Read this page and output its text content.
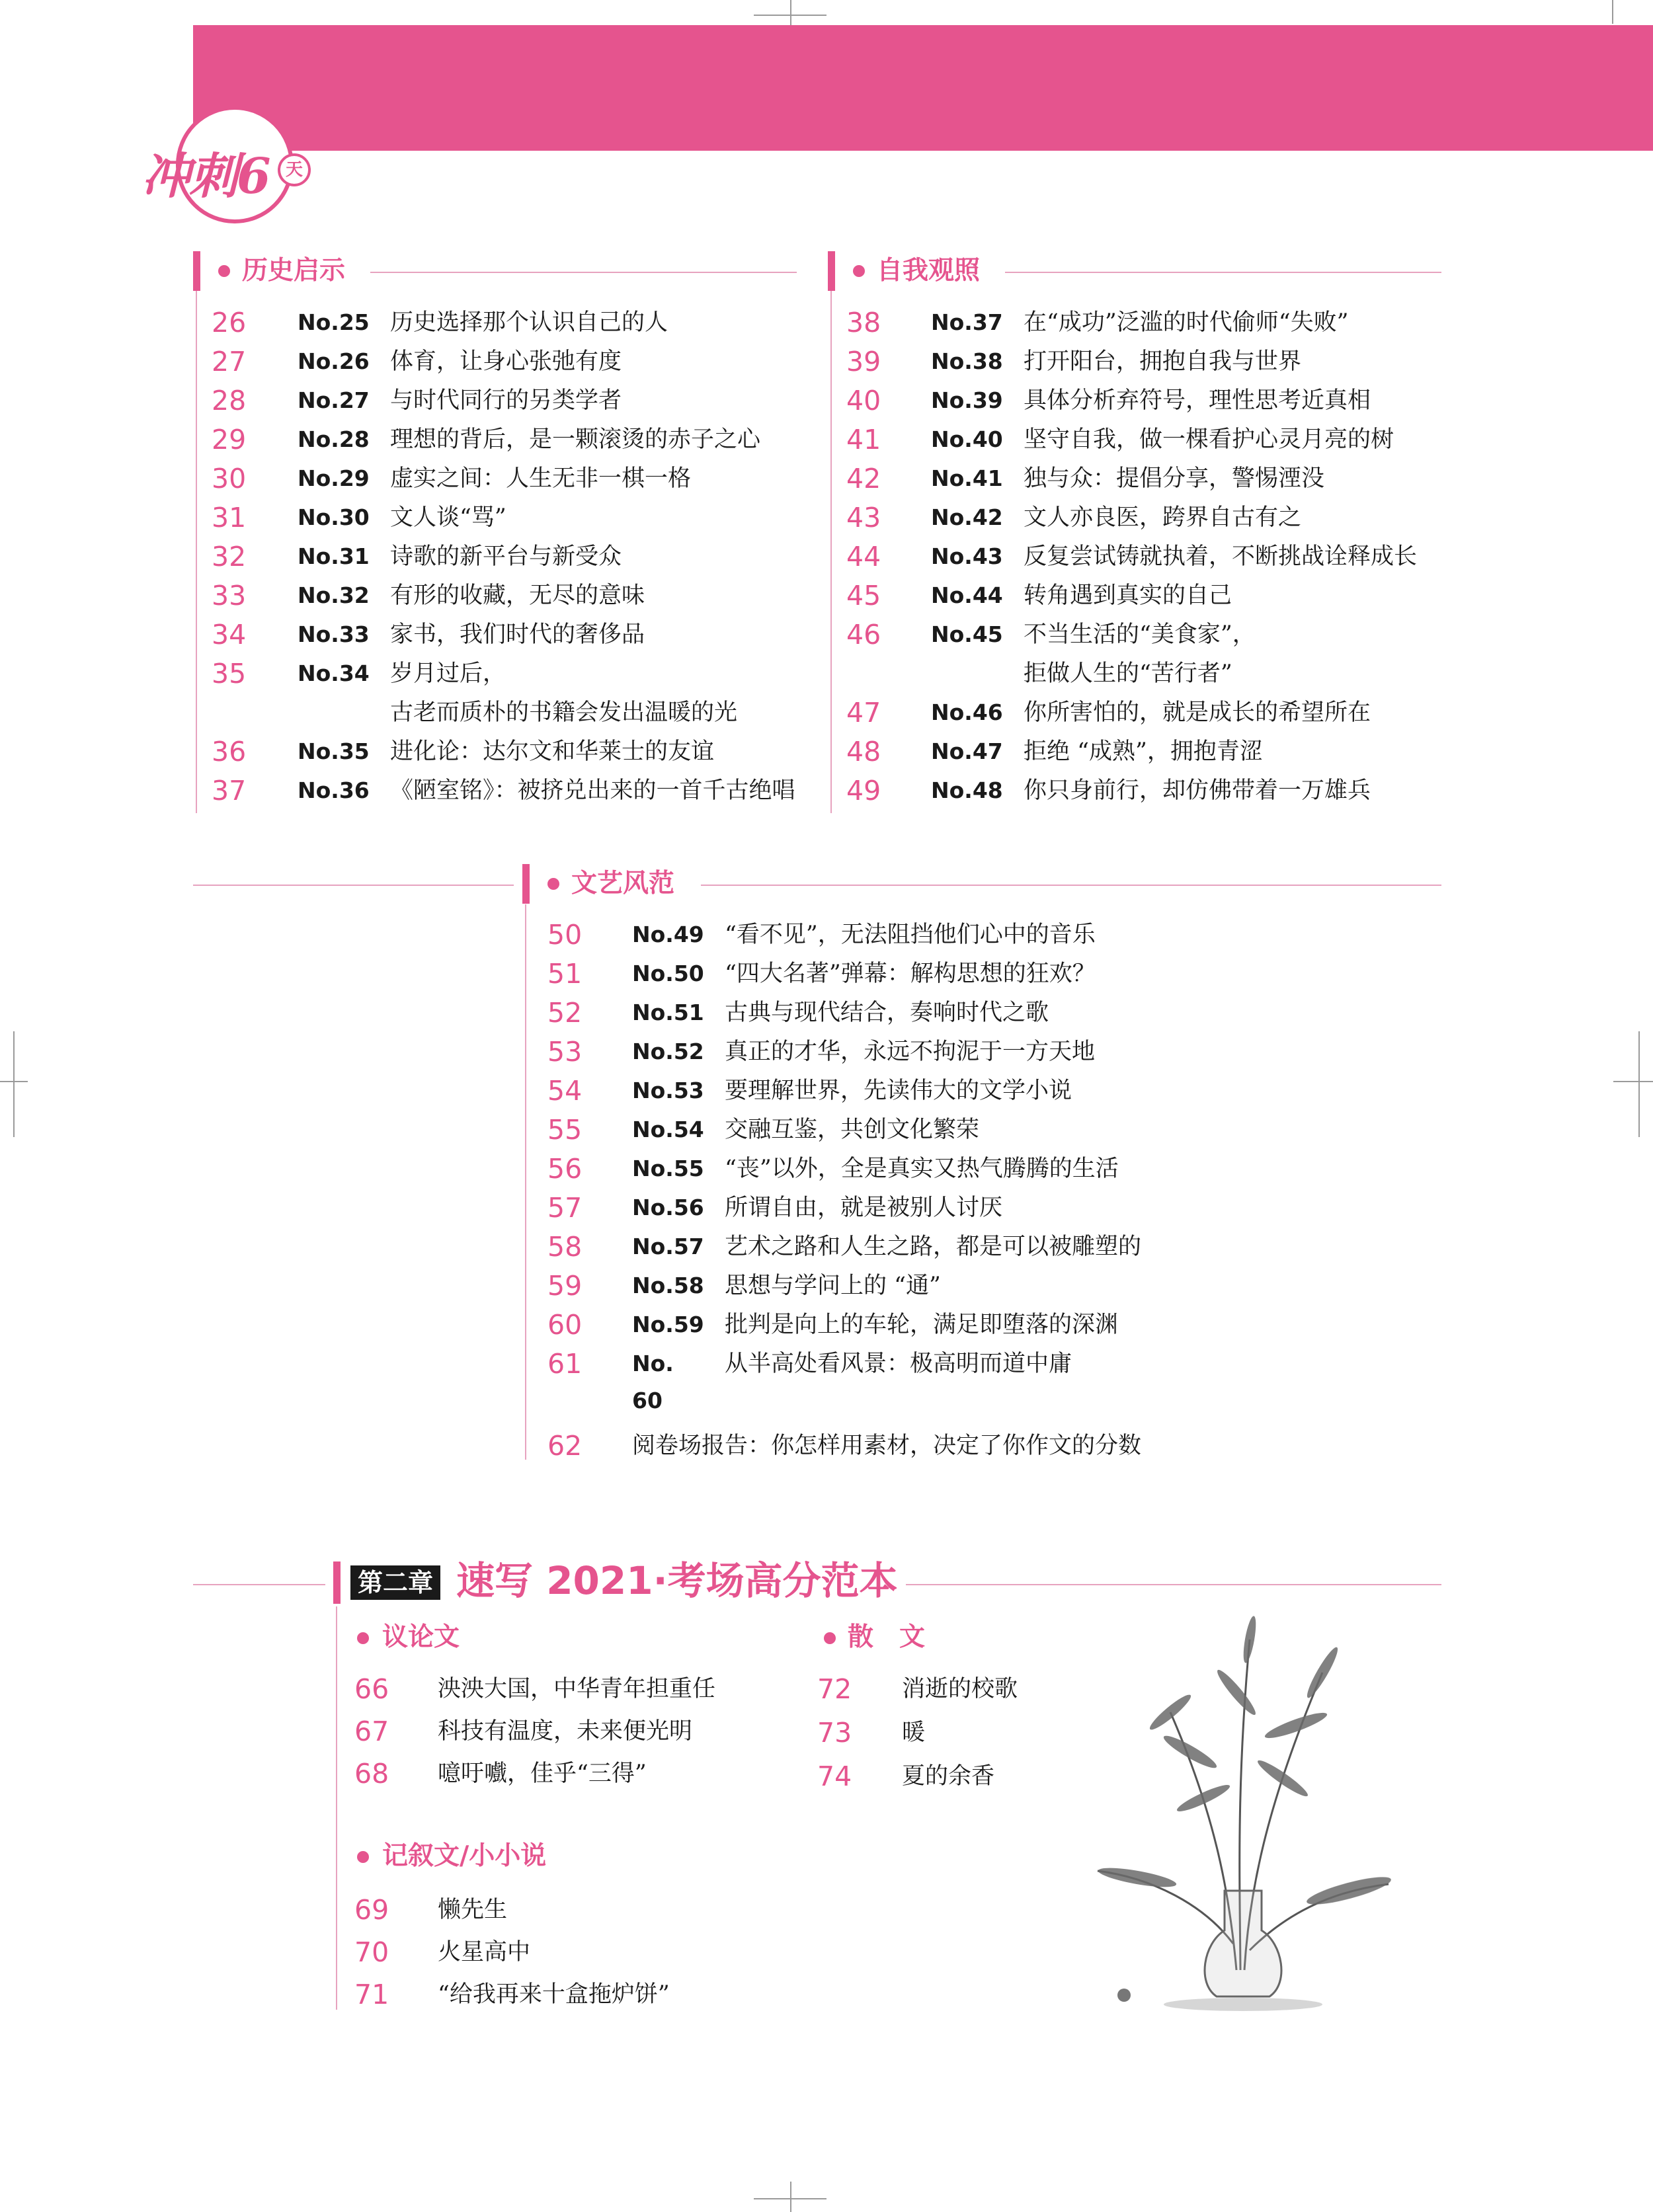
冲刺6 天
历史启示
26 No.25 历史选择那个认识自己的人
27 No.26 体育，让身心张弛有度
28 No.27 与时代同行的另类学者
29 No.28 理想的背后，是一颗滚烫的赤子之心
30 No.29 虚实之间：人生无非一棋一格
31 No.30 文人谈“骂”
32 No.31 诗歌的新平台与新受众
33 No.32 有形的收藏，无尽的意味
34 No.33 家书，我们时代的奢侈品
35 No.34 岁月过后，
古老而质朴的书籍会发出温暖的光
36 No.35 进化论：达尔文和华莱士的友谊
37 No.36 《陋室铭》：被挤兑出来的一首千古绝唱
自我观照
38 No.37 在“成功”泛滥的时代偷师“失败”
39 No.38 打开阳台，拥抱自我与世界
40 No.39 具体分析弃符号，理性思考近真相
41 No.40 坚守自我，做一棵看护心灵月亮的树
42 No.41 独与众：提倡分享，警惕湮没
43 No.42 文人亦良医，跨界自古有之
44 No.43 反复尝试铸就执着，不断挑战诠释成长
45 No.44 转角遇到真实的自己
46 No.45 不当生活的“美食家”，
拒做人生的“苦行者”
47 No.46 你所害怕的，就是成长的希望所在
48 No.47 拒绝 “成熟”，拥抱青涩
49 No.48 你只身前行，却仿佛带着一万雄兵
文艺风范
50 No.49 “看不见”，无法阻挡他们心中的音乐
51 No.50 “四大名著”弹幕：解构思想的狂欢？
52 No.51 古典与现代结合，奏响时代之歌
53 No.52 真正的才华，永远不拘泥于一方天地
54 No.53 要理解世界，先读伟大的文学小说
55 No.54 交融互鉴，共创文化繁荣
56 No.55 “丧”以外，全是真实又热气腾腾的生活
57 No.56 所谓自由，就是被别人讨厌
58 No.57 艺术之路和人生之路，都是可以被雕塑的
59 No.58 思想与学问上的 “通”
60 No.59 批判是向上的车轮，满足即堕落的深渊
61 No. 60
从半高处看风景：极高明而道中庸
62 阅卷场报告：你怎样用素材，决定了你作文的分数
第二章 速写 2021·考场高分范本
议论文
66 泱泱大国，中华青年担重任
67 科技有温度，未来便光明
68 噫吁嚱，佳乎“三得”
散　文
72 消逝的校歌
73 暖
74 夏的余香
记叙文/小小说
69 懒先生
70 火星高中
71 “给我再来十盒拖炉饼”
